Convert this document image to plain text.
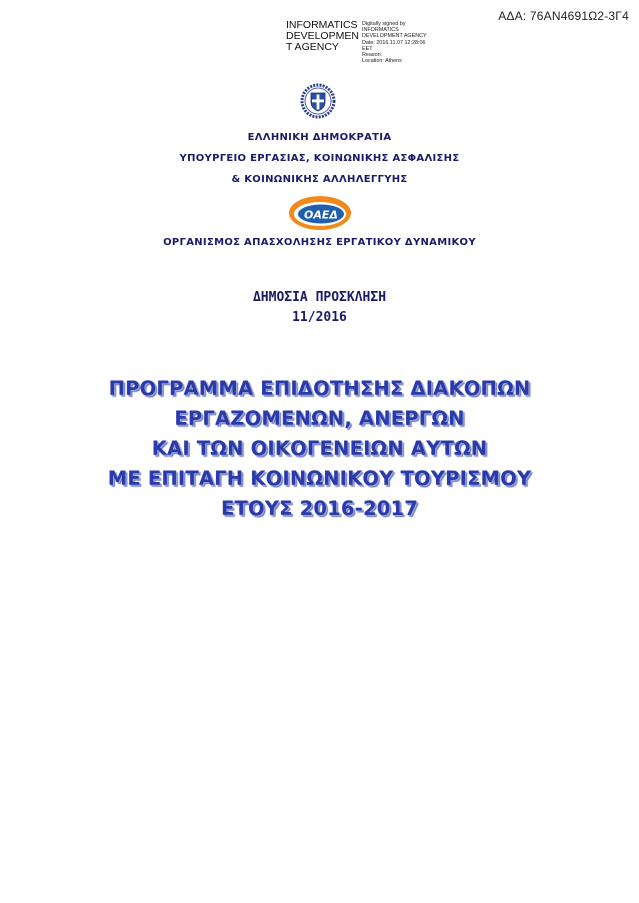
ΑΔΑ: 76ΑΝ4691Ω2-3Γ4
INFORMATICS DEVELOPMEN T AGENCY
Digitally signed by
INFORMATICS
DEVELOPMENT AGENCY
Date: 2016.11.07 12:28:06
EET
Reason:
Location: Athens
ΕΛΛΗΝΙΚΗ ΔΗΜΟΚΡΑΤΙΑ
ΥΠΟΥΡΓΕΙΟ ΕΡΓΑΣΙΑΣ, ΚΟΙΝΩΝΙΚΗΣ ΑΣΦΑΛΙΣΗΣ
& ΚΟΙΝΩΝΙΚΗΣ ΑΛΛΗΛΕΓΓΥΗΣ
ΟΑΕΔ
ΟΡΓΑΝΙΣΜΟΣ ΑΠΑΣΧΟΛΗΣΗΣ ΕΡΓΑΤΙΚΟΥ ΔΥΝΑΜΙΚΟΥ
ΔΗΜΟΣΙΑ ΠΡΟΣΚΛΗΣΗ
11/2016
ΠΡΟΓΡΑΜΜΑ ΕΠΙΔΟΤΗΣΗΣ ΔΙΑΚΟΠΩΝ
ΕΡΓΑΖΟΜΕΝΩΝ, ΑΝΕΡΓΩΝ
ΚΑΙ ΤΩΝ ΟΙΚΟΓΕΝΕΙΩΝ ΑΥΤΩΝ
ΜΕ ΕΠΙΤΑΓΗ ΚΟΙΝΩΝΙΚΟΥ ΤΟΥΡΙΣΜΟΥ
ΕΤΟΥΣ 2016-2017
